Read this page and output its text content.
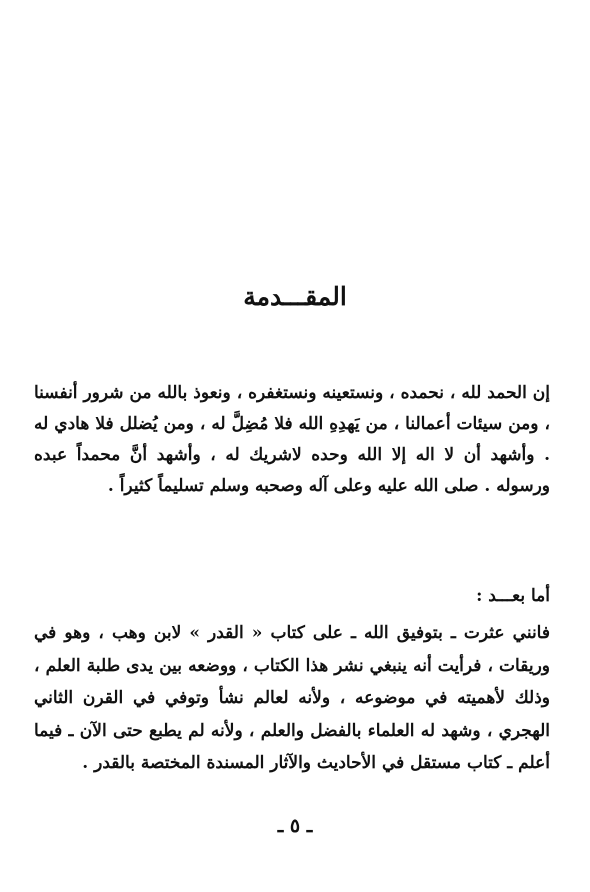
المقـــدمة
إن الحمد لله ، نحمده ، ونستعينه ونستغفره ، ونعوذ بالله من شرور أنفسنا ، ومن سيئات أعمالنا ، من يَهدِهِ الله فلا مُضِلَّ له ، ومن يُضلل فلا هادي له . وأشهد أن لا اله إلا الله وحده لاشريك له ، وأشهد أنَّ محمداً عبده ورسوله . صلى الله عليه وعلى آله وصحبه وسلم تسليماً كثيراً .
أما بعـــد :
فانني عثرت ـ بتوفيق الله ـ على كتاب « القدر » لابن وهب ، وهو في وريقات ، فرأيت أنه ينبغي نشر هذا الكتاب ، ووضعه بين يدى طلبة العلم ، وذلك لأهميته في موضوعه ، ولأنه لعالم نشأ وتوفي في القرن الثاني الهجري ، وشهد له العلماء بالفضل والعلم ، ولأنه لم يطبع حتى الآن ـ فيما أعلم ـ كتاب مستقل في الأحاديث والآثار المسندة المختصة بالقدر .
ـ ٥ ـ
